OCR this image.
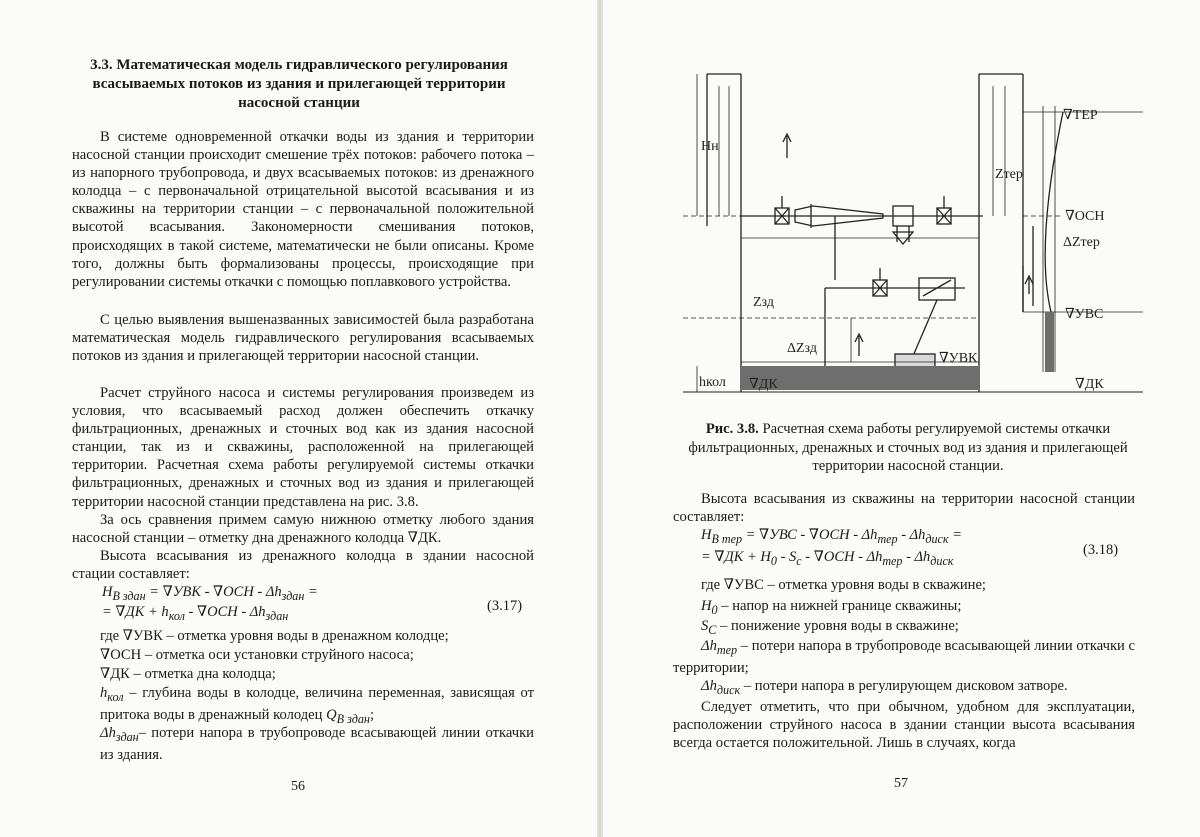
3.3. Математическая модель гидравлического регулирования всасываемых потоков из здания и прилегающей территории насосной станции
В системе одновременной откачки воды из здания и территории насосной станции происходит смешение трёх потоков: рабочего потока – из напорного трубопровода, и двух всасываемых потоков: из дренажного колодца – с первоначальной отрицательной высотой всасывания и из скважины на территории станции – с первоначальной положительной высотой всасывания. Закономерности смешивания потоков, происходящих в такой системе, математически не были описаны. Кроме того, должны быть формализованы процессы, происходящие при регулировании системы откачки с помощью поплавкового устройства.
С целью выявления вышеназванных зависимостей была разработана математическая модель гидравлического регулирования всасываемых потоков из здания и прилегающей территории насосной станции.
Расчет струйного насоса и системы регулирования произведем из условия, что всасываемый расход должен обеспечить откачку фильтрационных, дренажных и сточных вод как из здания насосной станции, так из и скважины, расположенной на прилегающей территории. Расчетная схема работы регулируемой системы откачки фильтрационных, дренажных и сточных вод из здания и прилегающей территории насосной станции представлена на рис. 3.8.
За ось сравнения примем самую нижнюю отметку любого здания насосной станции – отметку дна дренажного колодца ∇ДК.
Высота всасывания из дренажного колодца в здании насосной стации составляет:
$H_{В здан} = \nabla УВК - \nabla ОСН - \Delta h_{здан}$ =
= $\nabla ДК + h_{кол} - \nabla ОСН - \Delta h_{здан}$
(3.17)
где ∇УВК – отметка уровня воды в дренажном колодце;
∇ОСН – отметка оси установки струйного насоса;
∇ДК – отметка дна колодца;
$h_{кол}$ – глубина воды в колодце, величина переменная, зависящая от притока воды в дренажный колодец $Q_{В здан}$;
$\Delta h_{здан}-$ потери напора в трубопроводе всасывающей линии откачки из здания.
56
Hн
∇ТЕР
Zтер
∇ОСН
ΔZтер
∇УВС
Zзд
ΔZзд
∇УВК
hкол ∇ДК	∇ДК
Рис. 3.8. Расчетная схема работы регулируемой системы откачки фильтрационных, дренажных и сточных вод из здания и прилегающей территории насосной станции.
Высота всасывания из скважины на территории насосной станции составляет:
$H_{В тер} = \nabla УВС - \nabla ОСН - \Delta h_{тер} - \Delta h_{диск}$ =
= $\nabla ДК + H_0 - S_c - \nabla ОСН - \Delta h_{тер} - \Delta h_{диск}$
(3.18)
где ∇УВС – отметка уровня воды в скважине;
$H_0$ – напор на нижней границе скважины;
$S_C$ – понижение уровня воды в скважине;
$\Delta h_{тер}$ – потери напора в трубопроводе всасывающей линии откачки с территории;
$\Delta h_{диск}$ – потери напора в регулирующем дисковом затворе.
Следует отметить, что при обычном, удобном для эксплуатации, расположении струйного насоса в здании станции высота всасывания всегда остается положительной. Лишь в случаях, когда
57
